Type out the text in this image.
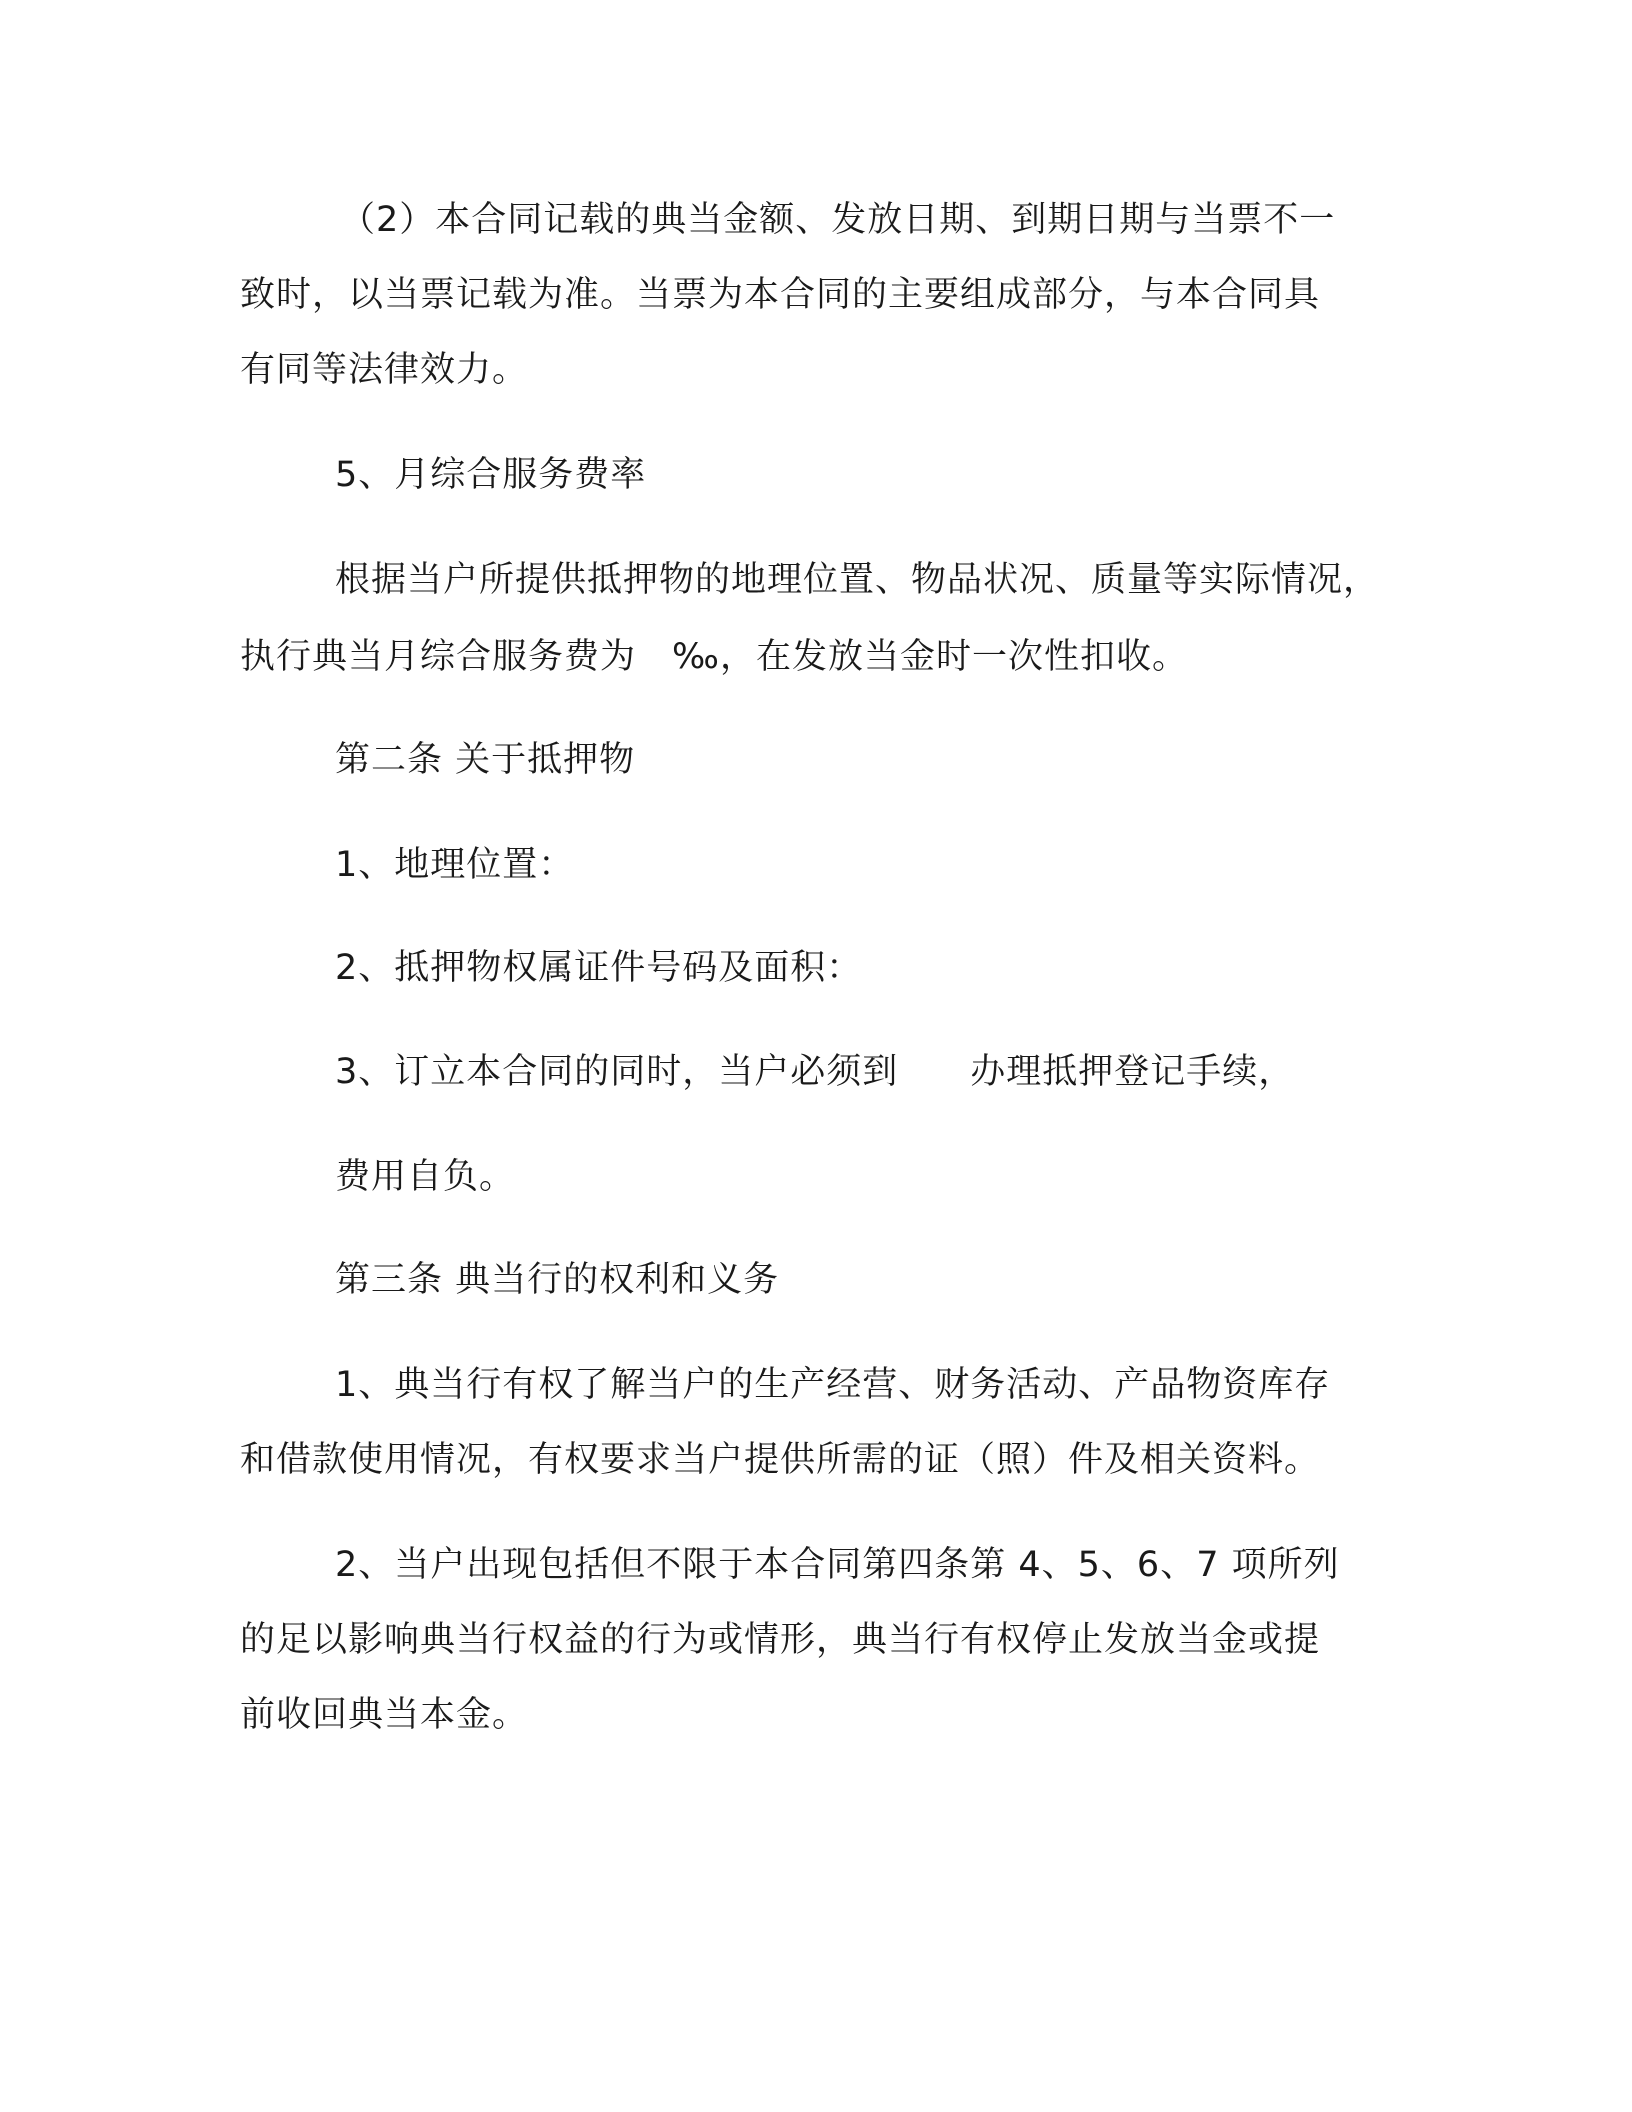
（2）本合同记载的典当金额、发放日期、到期日期与当票不一

致时，以当票记载为准。当票为本合同的主要组成部分，与本合同具

有同等法律效力。

5、月综合服务费率

根据当户所提供抵押物的地理位置、物品状况、质量等实际情况，

执行典当月综合服务费为　‰，在发放当金时一次性扣收。

第二条 关于抵押物

1、地理位置：

2、抵押物权属证件号码及面积：

3、订立本合同的同时，当户必须到　　办理抵押登记手续，

费用自负。

第三条 典当行的权利和义务

1、典当行有权了解当户的生产经营、财务活动、产品物资库存

和借款使用情况，有权要求当户提供所需的证（照）件及相关资料。

2、当户出现包括但不限于本合同第四条第 4、5、6、7 项所列

的足以影响典当行权益的行为或情形，典当行有权停止发放当金或提

前收回典当本金。
